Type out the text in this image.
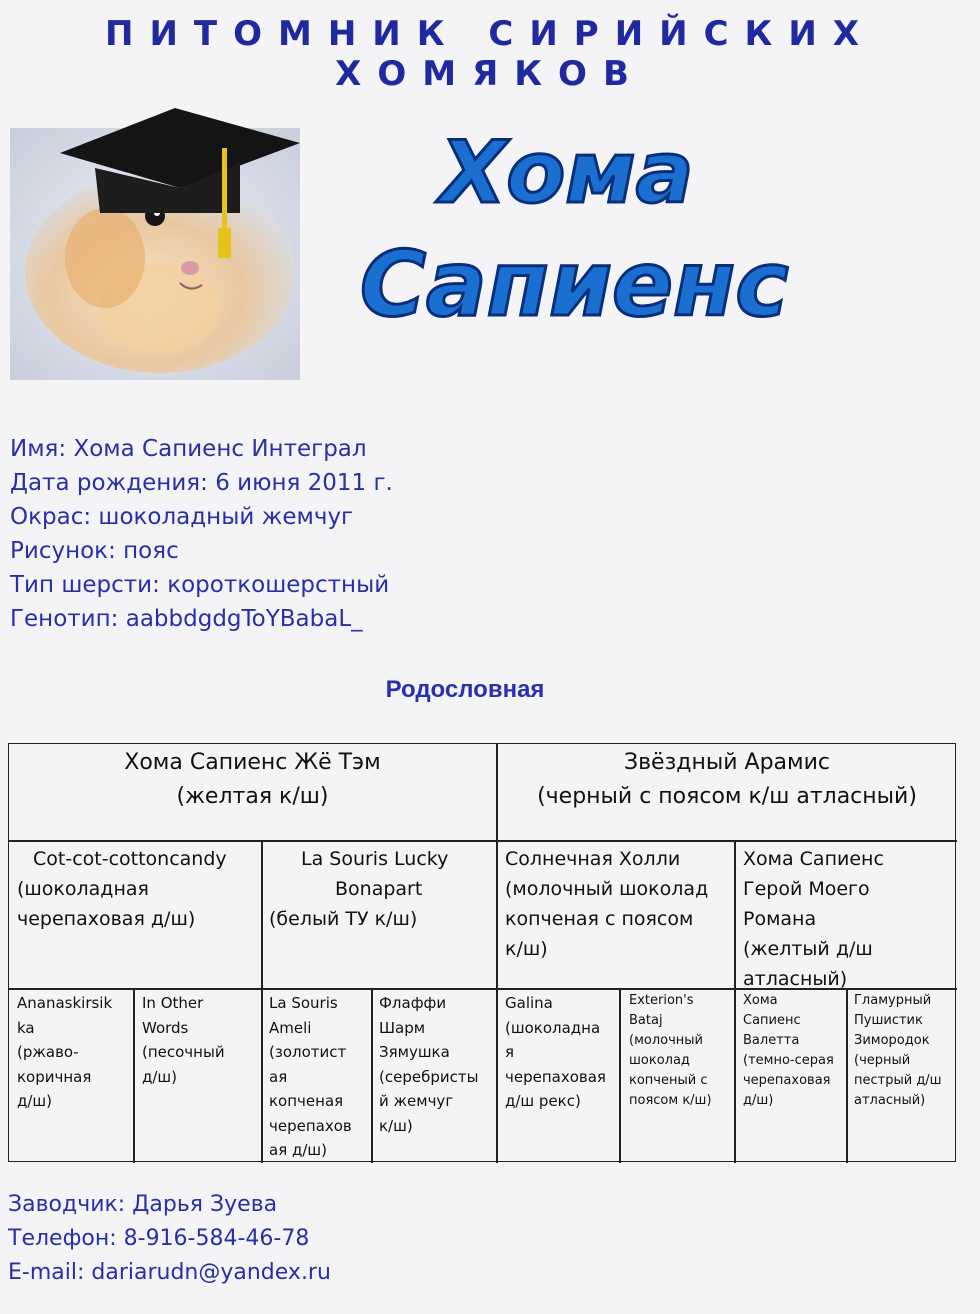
ПИТОМНИК СИРИЙСКИХ ХОМЯКОВ
Хома
Сапиенс
Имя: Хома Сапиенс Интеграл
Дата рождения: 6 июня 2011 г.
Окрас: шоколадный жемчуг
Рисунок: пояс
Тип шерсти: короткошерстный
Генотип: aabbdgdgToYBabaL_
Родословная
Хома Сапиенс Жё Тэм
(желтая к/ш)
Звёздный Арамис
(черный с поясом к/ш атласный)
Cot-cot-cottoncandy
(шоколадная
черепаховая д/ш)
La Souris Lucky
Bonapart
(белый ТУ к/ш)
Солнечная Холли
(молочный шоколад
копченая с поясом
к/ш)
Хома Сапиенс
Герой Моего
Романа
(желтый д/ш
атласный)
Ananaskirsik
ka
(ржаво-
коричная
д/ш)
In Other
Words
(песочный
д/ш)
La Souris
Ameli
(золотист
ая
копченая
черепахов
ая д/ш)
Флаффи
Шарм
Зямушка
(серебристы
й жемчуг
к/ш)
Galina
(шоколадна
я
черепаховая
д/ш рекс)
Exterion's
Bataj
(молочный
шоколад
копченый с
поясом к/ш)
Хома
Сапиенс
Валетта
(темно-серая
черепаховая
д/ш)
Гламурный
Пушистик
Зиморoдок
(черный
пестрый д/ш
атласный)
Заводчик: Дарья Зуева
Телефон: 8-916-584-46-78
E-mail: dariarudn@yandex.ru
